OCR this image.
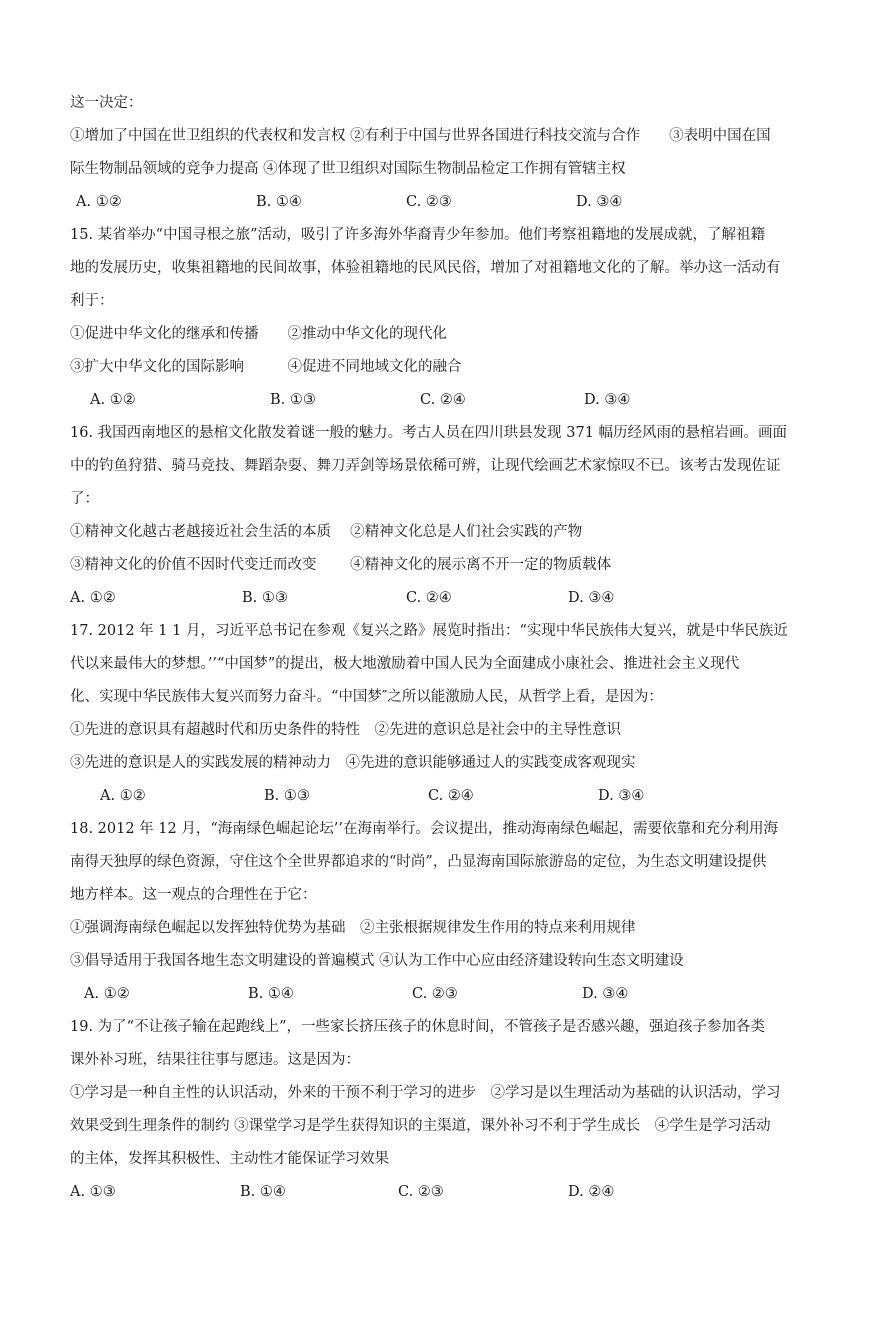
这一决定：
①增加了中国在世卫组织的代表权和发言权 ②有利于中国与世界各国进行科技交流与合作　　③表明中国在国
际生物制品领域的竞争力提高 ④体现了世卫组织对国际生物制品检定工作拥有管辖主权
A. ①②	B. ①④	C. ②③	D. ③④
15. 某省举办“中国寻根之旅”活动，吸引了许多海外华裔青少年参加。他们考察祖籍地的发展成就，了解祖籍
地的发展历史，收集祖籍地的民间故事，体验祖籍地的民风民俗，增加了对祖籍地文化的了解。举办这一活动有
利于：
①促进中华文化的继承和传播　　②推动中华文化的现代化
③扩大中华文化的国际影响　　　④促进不同地域文化的融合
A. ①②	B. ①③	C. ②④	D. ③④
16. 我国西南地区的悬棺文化散发着谜一般的魅力。考古人员在四川珙县发现 371 幅历经风雨的悬棺岩画。画面
中的钓鱼狩猎、骑马竞技、舞蹈杂耍、舞刀弄剑等场景依稀可辨，让现代绘画艺术家惊叹不已。该考古发现佐证
了：
①精神文化越古老越接近社会生活的本质　 ②精神文化总是人们社会实践的产物
③精神文化的价值不因时代变迁而改变　　 ④精神文化的展示离不开一定的物质载体
A. ①②	B. ①③	C. ②④	D. ③④
17. 2012 年 1 1 月，习近平总书记在参观《复兴之路》展览时指出：“实现中华民族伟大复兴，就是中华民族近
代以来最伟大的梦想。’’“中国梦”的提出，极大地激励着中国人民为全面建成小康社会、推进社会主义现代
化、实现中华民族伟大复兴而努力奋斗。“中国梦″之所以能激励人民，从哲学上看，是因为：
①先进的意识具有超越时代和历史条件的特性　②先进的意识总是社会中的主导性意识
③先进的意识是人的实践发展的精神动力　④先进的意识能够通过人的实践变成客观现实
A. ①②	B. ①③	C. ②④	D. ③④
18. 2012 年 12 月，“海南绿色崛起论坛’’在海南举行。会议提出，推动海南绿色崛起，需要依靠和充分利用海
南得天独厚的绿色资源，守住这个全世界都追求的“时尚”，凸显海南国际旅游岛的定位，为生态文明建设提供
地方样本。这一观点的合理性在于它：
①强调海南绿色崛起以发挥独特优势为基础　②主张根据规律发生作用的特点来利用规律
③倡导适用于我国各地生态文明建设的普遍模式 ④认为工作中心应由经济建设转向生态文明建设
A. ①②	B. ①④	C. ②③	D. ③④
19. 为了“不让孩子输在起跑线上”，一些家长挤压孩子的休息时间，不管孩子是否感兴趣，强迫孩子参加各类
课外补习班，结果往往事与愿违。这是因为：
①学习是一种自主性的认识活动，外来的干预不利于学习的进步　②学习是以生理活动为基础的认识活动，学习
效果受到生理条件的制约 ③课堂学习是学生获得知识的主渠道，课外补习不利于学生成长　④学生是学习活动
的主体，发挥其积极性、主动性才能保证学习效果
A. ①③	B. ①④	C. ②③	D. ②④
